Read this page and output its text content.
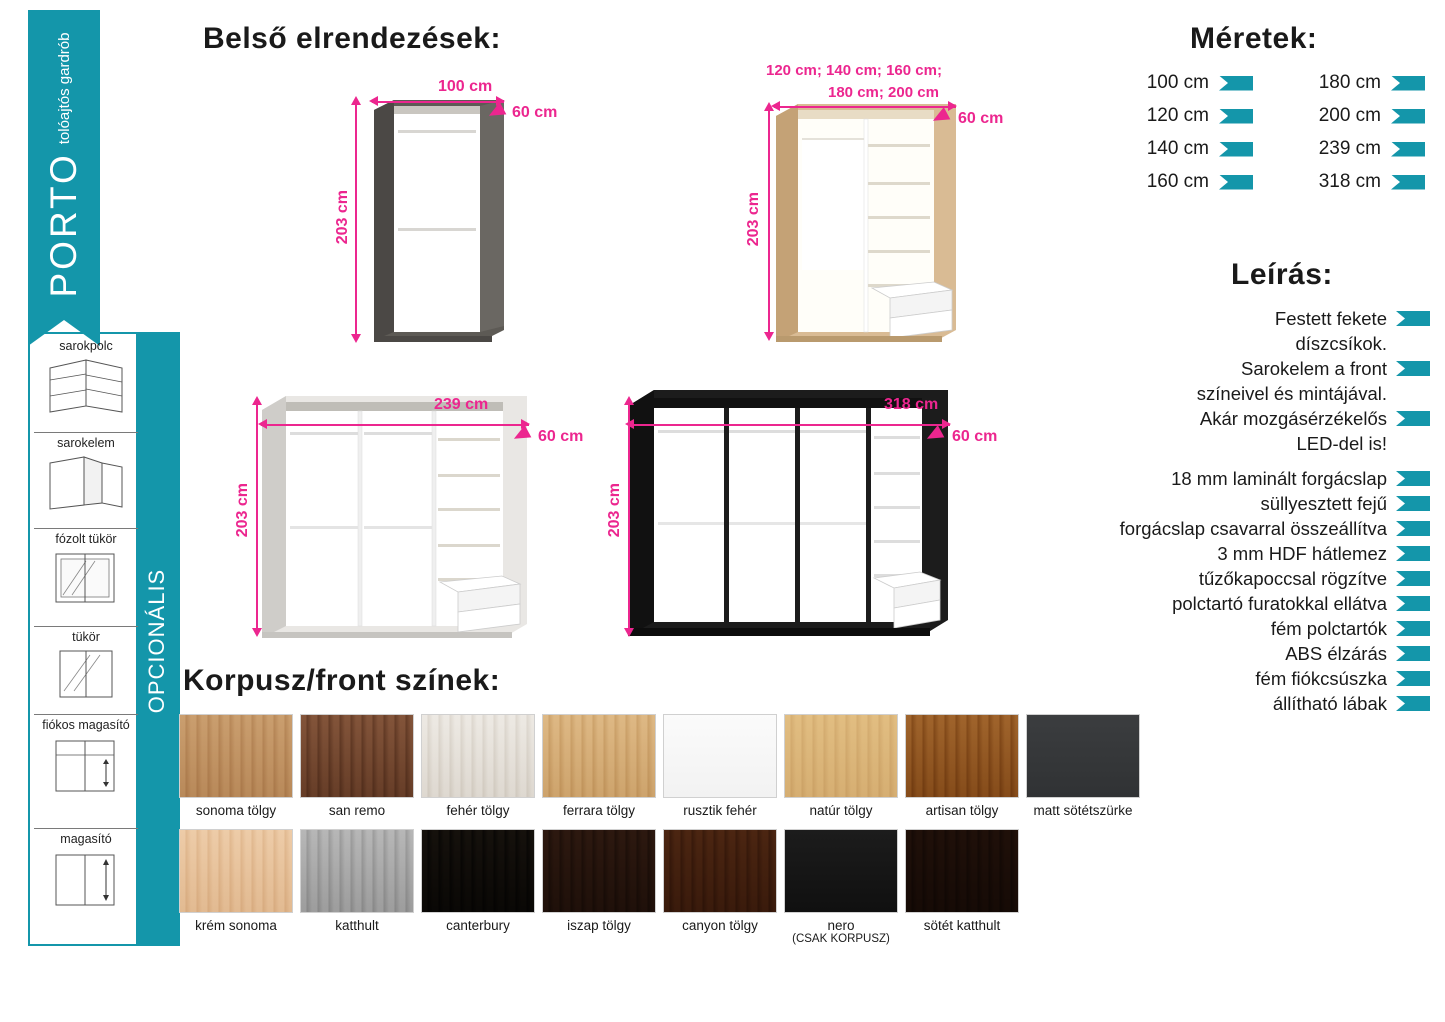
PORTO
tolóajtós gardrób
OPCIONÁLIS
sarokpolc
sarokelem
fózolt tükör
tükör
fiókos magasító
magasító
Belső elrendezések:
Korpusz/front színek:
Méretek:
Leírás:
100 cm
60 cm
203 cm
120 cm; 140 cm; 160 cm;
180 cm; 200 cm
60 cm
203 cm
239 cm
60 cm
203 cm
318 cm
60 cm
203 cm
100 cm	180 cm
120 cm	200 cm
140 cm	239 cm
160 cm	318 cm
Festett fekete
díszcsíkok.
Sarokelem a front
színeivel és mintájával.
Akár mozgásérzékelős
LED-del is!
18 mm laminált forgácslap
süllyesztett fejű
forgácslap csavarral összeállítva
3 mm HDF hátlemez
tűzőkapoccsal rögzítve
polctartó furatokkal ellátva
fém polctartók
ABS élzárás
fém fiókcsúszka
állítható lábak
sonoma tölgy	san remo	fehér tölgy	ferrara tölgy	rusztik fehér	natúr tölgy	artisan tölgy	matt sötétszürke
krém sonoma	katthult	canterbury	iszap tölgy	canyon tölgy	nero
(CSAK KORPUSZ)
sötét katthult
